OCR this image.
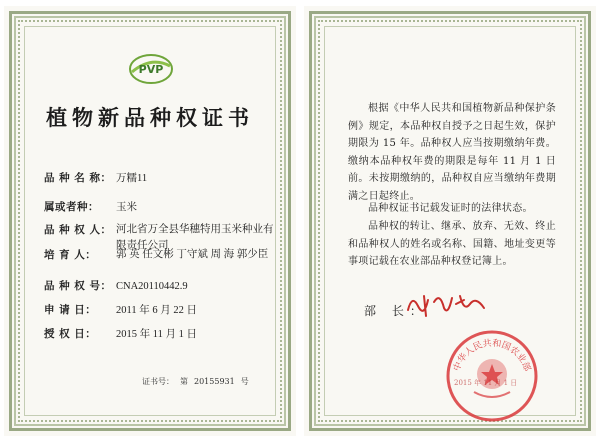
PVP
植物新品种权证书
品 种 名 称： 万糯11
属或者种： 玉米
品 种 权 人： 河北省万全县华穗特用玉米种业有限责任公司
培 育 人： 郭 英 任文彬 丁守斌 周 海 郭少臣
品 种 权 号： CNA20110442.9
申 请 日： 2011 年 6 月 22 日
授 权 日： 2015 年 11 月 1 日
证书号： 第 20155931 号
根据《中华人民共和国植物新品种保护条例》规定，本品种权自授予之日起生效，保护期限为 15 年。品种权人应当按期缴纳年费。缴纳本品种权年费的期限是每年 11 月 1 日前。未按期缴纳的，品种权自应当缴纳年费期满之日起终止。
品种权证书记载发证时的法律状态。
品种权的转让、继承、放弃、无效、终止和品种权人的姓名或名称、国籍、地址变更等事项记载在农业部品种权登记簿上。
部 长：
中华人民共和国农业部
2015 年 11 月 1 日
